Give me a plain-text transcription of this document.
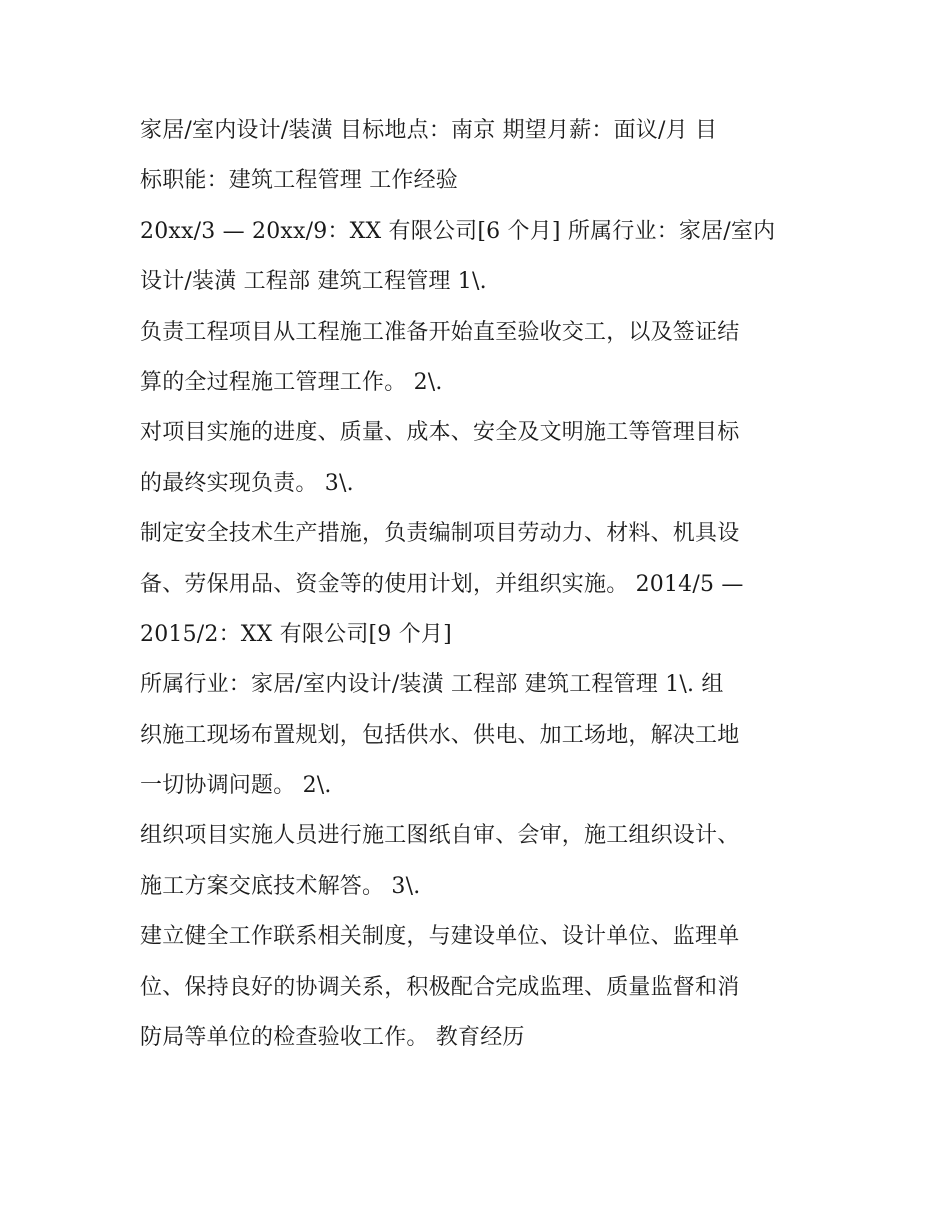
家居/室内设计/装潢 目标地点：南京 期望月薪：面议/月 目
标职能：建筑工程管理 工作经验
20xx/3 — 20xx/9：XX 有限公司[6 个月] 所属行业：家居/室内
设计/装潢 工程部 建筑工程管理 1\.
负责工程项目从工程施工准备开始直至验收交工，以及签证结
算的全过程施工管理工作。 2\.
对项目实施的进度、质量、成本、安全及文明施工等管理目标
的最终实现负责。 3\.
制定安全技术生产措施，负责编制项目劳动力、材料、机具设
备、劳保用品、资金等的使用计划，并组织实施。 2014/5 —
2015/2：XX 有限公司[9 个月]
所属行业：家居/室内设计/装潢 工程部 建筑工程管理 1\. 组
织施工现场布置规划，包括供水、供电、加工场地，解决工地
一切协调问题。 2\.
组织项目实施人员进行施工图纸自审、会审，施工组织设计、
施工方案交底技术解答。 3\.
建立健全工作联系相关制度，与建设单位、设计单位、监理单
位、保持良好的协调关系，积极配合完成监理、质量监督和消
防局等单位的检查验收工作。 教育经历
